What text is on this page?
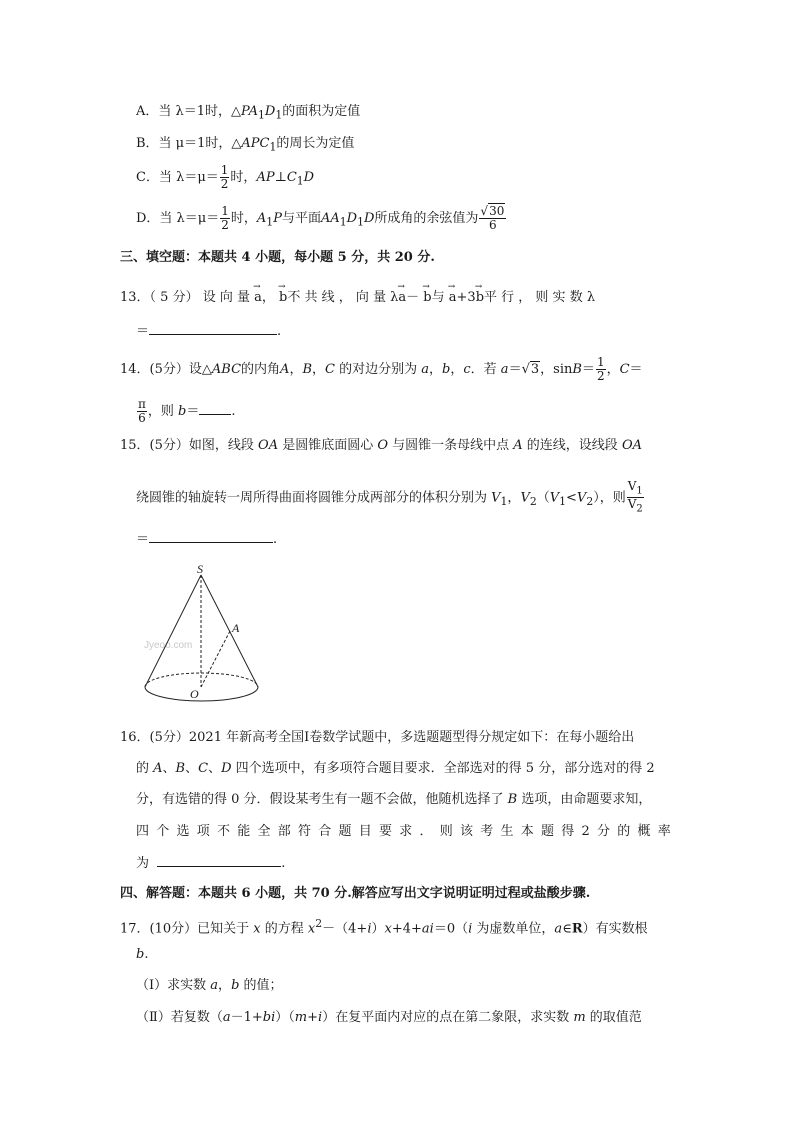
A．当 λ＝1时，$\triangle PA_1D_1$的面积为定值
B．当 μ＝1时，$\triangle APC_1$的周长为定值
C．当 $\lambda=\mu= \frac{1}{2}$ 时，$AP\perp C_1D$
D．当 $\lambda=\mu= \frac{1}{2}$ 时，$A_1P$与平面$AA_1D_1D$所成角的余弦值为 $\frac{√30}{6}$
三、填空题：本题共 4 小题，每小题 5 分，共 20 分.
13．（ 5 分） 设 向 量 → a， → b不 共 线 ， 向 量 λ→ a－ → b与 → a+3→ b平 行 ， 则 实 数 λ
＝	.
14．(5分）设△ABC的内角A，B，C 的对边分别为 a，b，c．若 a＝√3，$\sin B= \frac{1}{2}$ ，C＝
$\frac{\pi}{6}$ ，则 b＝ .
15．(5分）如图，线段 OA 是圆锥底面圆心 O 与圆锥一条母线中点 A 的连线，设线段 OA
绕圆锥的轴旋转一周所得曲面将圆锥分成两部分的体积分别为 $V_1$，$V_2(V_1<V_2)$，则 $\frac{V_1}{V_2}$
＝	.
Jyeoo.com
S
A
O
16．(5分）2021 年新高考全国Ⅰ卷数学试题中，多选题题型得分规定如下：在每小题给出
的 A、B、C、D 四个选项中，有多项符合题目要求．全部选对的得 5 分，部分选对的得 2
分，有选错的得 0 分．假设某考生有一题不会做，他随机选择了 B 选项，由命题要求知，
四 个 选 项 不 能 全 部 符 合 题 目 要 求 ． 则 该 考 生 本 题 得 2 分 的 概 率
为	.
四、解答题：本题共 6 小题，共 70 分.解答应写出文字说明证明过程或盐酸步骤.
17．(10分）已知关于 x 的方程 $x^2-(4+i)x+4+ai=0(i$ 为虚数单位，a∈R）有实数根
b.
（Ⅰ）求实数 a，b 的值；
（Ⅱ）若复数（a－1+bi）（m+i）在复平面内对应的点在第二象限，求实数 m 的取值范
